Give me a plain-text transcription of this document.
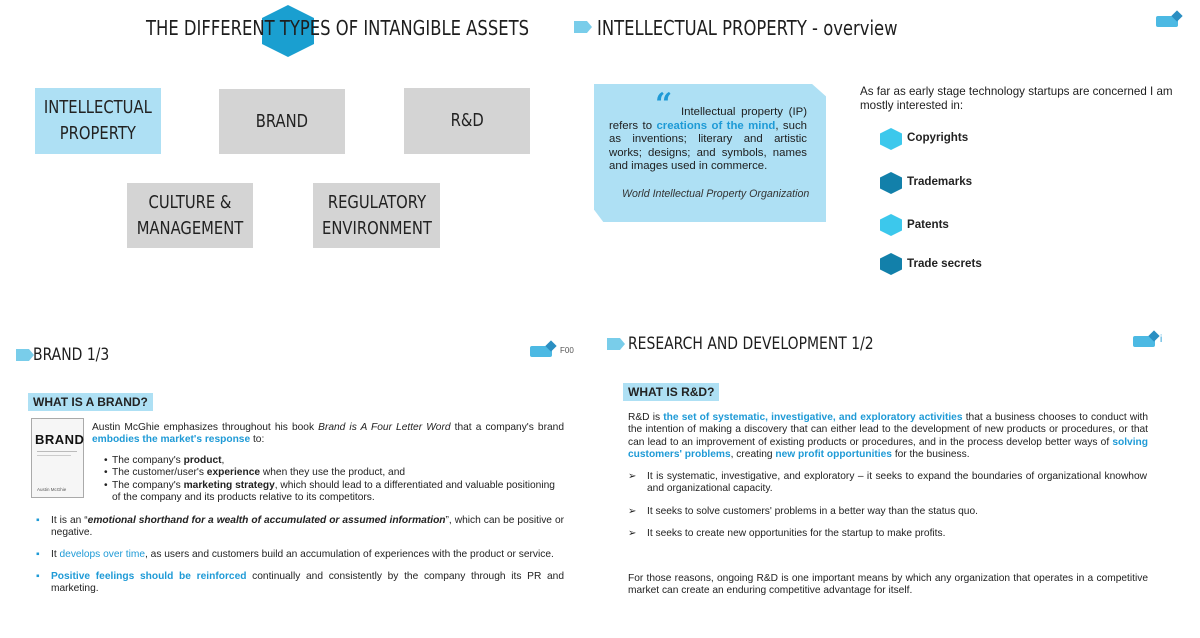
THE DIFFERENT TYPES OF INTANGIBLE ASSETS
INTELLECTUAL
PROPERTY
BRAND	R&D
CULTURE &
MANAGEMENT
REGULATORY
ENVIRONMENT
INTELLECTUAL PROPERTY - overview
“ Intellectual property (IP) refers to creations of the mind, such as inventions; literary and artistic works; designs; and symbols, names and images used in commerce.
World Intellectual Property Organization
As far as early stage technology startups are concerned I am mostly interested in:
Copyrights
Trademarks
Patents
Trade secrets
BRAND 1/3	F00
WHAT IS A BRAND?
BRAND
Austin McGhie
Austin McGhie emphasizes throughout his book Brand is A Four Letter Word that a company's brand embodies the market's response to:
• The company's product,
• The customer/user's experience when they use the product, and
• The company's marketing strategy, which should lead to a differentiated and valuable positioning of the company and its products relative to its competitors.
▪ It is an “emotional shorthand for a wealth of accumulated or assumed information”, which can be positive or negative.
▪ It develops over time, as users and customers build an accumulation of experiences with the product or service.
▪ Positive feelings should be reinforced continually and consistently by the company through its PR and marketing.
RESEARCH AND DEVELOPMENT 1/2	i
WHAT IS R&D?
R&D is the set of systematic, investigative, and exploratory activities that a business chooses to conduct with the intention of making a discovery that can either lead to the development of new products or procedures, or that can lead to an improvement of existing products or procedures, and in the process develop better ways of solving customers' problems, creating new profit opportunities for the business.
➢ It is systematic, investigative, and exploratory – it seeks to expand the boundaries of organizational knowhow and organizational capacity.
➢ It seeks to solve customers' problems in a better way than the status quo.
➢ It seeks to create new opportunities for the startup to make profits.
For those reasons, ongoing R&D is one important means by which any organization that operates in a competitive market can create an enduring competitive advantage for itself.
